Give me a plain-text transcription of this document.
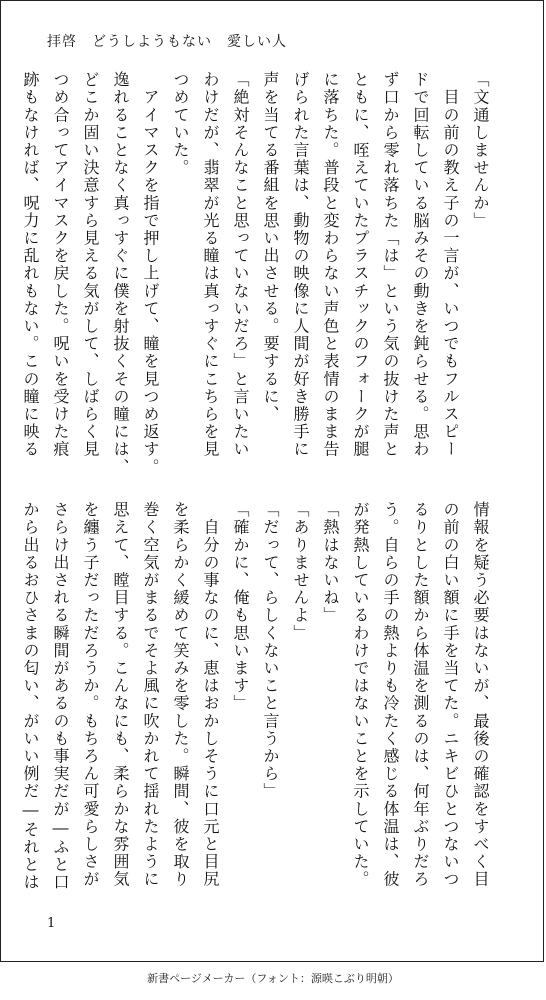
拝啓　どうしようもない　愛しい人

「文通しませんか」

　目の前の教え子の一言が、いつでもフルスピー

ドで回転している脳みその動きを鈍らせる。思わ

ず口から零れ落ちた「は」という気の抜けた声と

ともに、咥えていたプラスチックのフォークが腿

に落ちた。普段と変わらない声色と表情のまま告

げられた言葉は、動物の映像に人間が好き勝手に

声を当てる番組を思い出させる。要するに、

「絶対そんなこと思っていないだろ」と言いたい

わけだが、翡翠が光る瞳は真っすぐにこちらを見

つめていた。

　アイマスクを指で押し上げて、瞳を見つめ返す。

逸れることなく真っすぐに僕を射抜くその瞳には、

どこか固い決意すら見える気がして、しばらく見

つめ合ってアイマスクを戻した。呪いを受けた痕

跡もなければ、呪力に乱れもない。この瞳に映る

情報を疑う必要はないが、最後の確認をすべく目

の前の白い額に手を当てた。ニキビひとつないつ

るりとした額から体温を測るのは、何年ぶりだろ

う。自らの手の熱よりも冷たく感じる体温は、彼

が発熱しているわけではないことを示していた。

「熱はないね」

「ありませんよ」

「だって、らしくないこと言うから」

「確かに、俺も思います」

　自分の事なのに、恵はおかしそうに口元と目尻

を柔らかく緩めて笑みを零した。瞬間、彼を取り

巻く空気がまるでそよ風に吹かれて揺れたように

思えて、瞠目する。こんなにも、柔らかな雰囲気

を纏う子だっただろうか。もちろん可愛らしさが

さらけ出される瞬間があるのも事実だが―ふと口

から出るおひさまの匂い、がいい例だ―それとは

1
新書ページメーカー（フォント：源暎こぶり明朝）
